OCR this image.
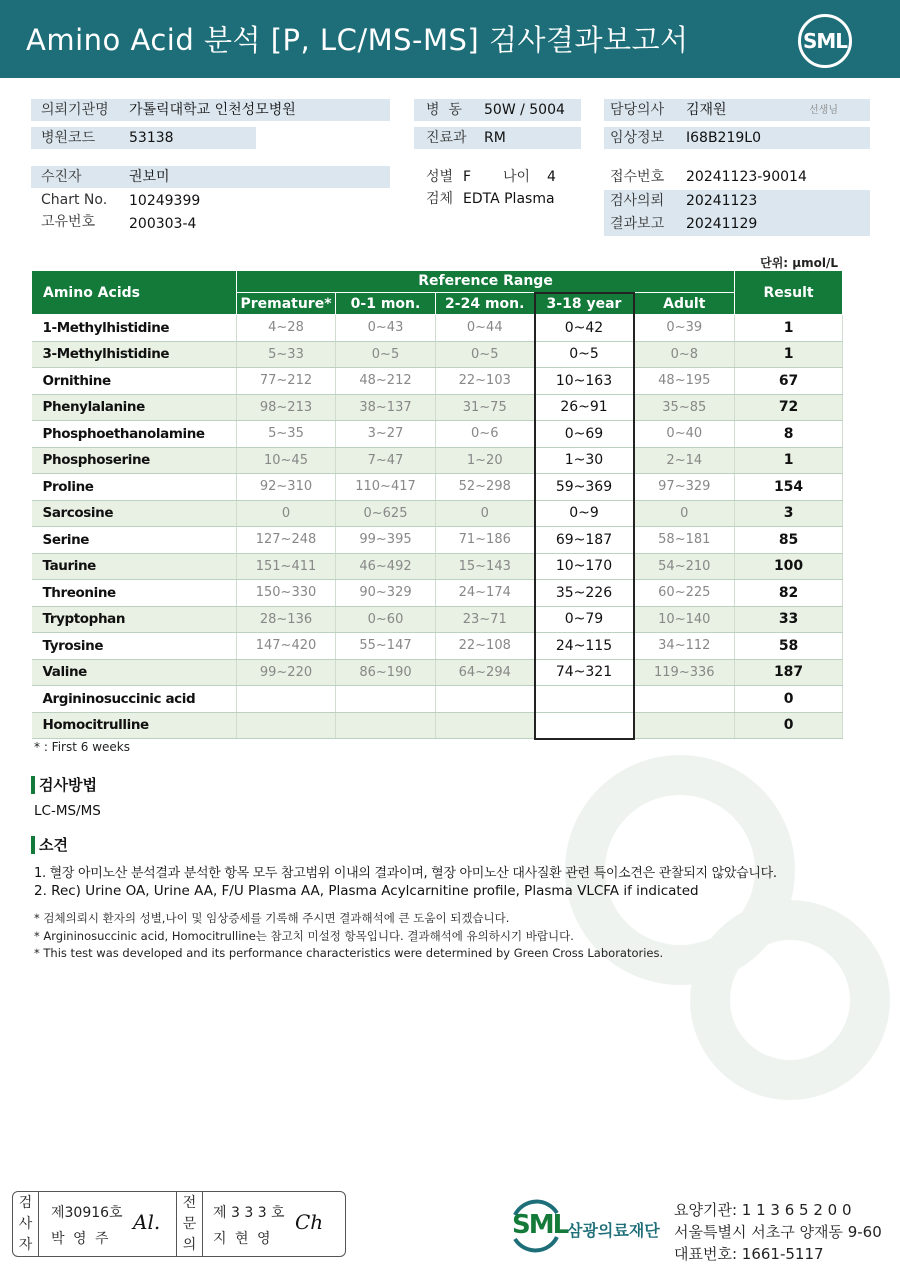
Amino Acid 분석 [P, LC/MS-MS] 검사결과보고서	SML
의뢰기관명 가톨릭대학교 인천성모병원
병원코드 53138
병  동 50W / 5004
진료과 RM
담당의사 김재원	선생님
임상정보 I68B219L0
수진자	권보미
Chart No. 10249399
고유번호 200303-4
성별 F 나이 4
검체 EDTA Plasma
접수번호 20241123-90014
검사의뢰 20241123
결과보고 20241129
단위: μmol/L
Amino Acids	Reference Range					Result
	Premature*	0-1 mon.	2-24 mon.	3-18 year	Adult	
1-Methylhistidine	4~28	0~43	0~44	0~42	0~39	1
3-Methylhistidine	5~33	0~5	0~5	0~5	0~8	1
Ornithine	77~212	48~212	22~103	10~163	48~195	67
Phenylalanine	98~213	38~137	31~75	26~91	35~85	72
Phosphoethanolamine	5~35	3~27	0~6	0~69	0~40	8
Phosphoserine	10~45	7~47	1~20	1~30	2~14	1
Proline	92~310	110~417	52~298	59~369	97~329	154
Sarcosine	0	0~625	0	0~9	0	3
Serine	127~248	99~395	71~186	69~187	58~181	85
Taurine	151~411	46~492	15~143	10~170	54~210	100
Threonine	150~330	90~329	24~174	35~226	60~225	82
Tryptophan	28~136	0~60	23~71	0~79	10~140	33
Tyrosine	147~420	55~147	22~108	24~115	34~112	58
Valine	99~220	86~190	64~294	74~321	119~336	187
Argininosuccinic acid						0
Homocitrulline						0
* : First 6 weeks
검사방법
LC-MS/MS
소견
1. 혈장 아미노산 분석결과 분석한 항목 모두 참고범위 이내의 결과이며, 혈장 아미노산 대사질환 관련 특이소견은 관찰되지 않았습니다.
2. Rec) Urine OA, Urine AA, F/U Plasma AA, Plasma Acylcarnitine profile, Plasma VLCFA if indicated
* 검체의뢰시 환자의 성별,나이 및 임상증세를 기록해 주시면 결과해석에 큰 도움이 되겠습니다.
* Argininosuccinic acid, Homocitrulline는 참고치 미설정 항목입니다. 결과해석에 유의하시기 바랍니다.
* This test was developed and its performance characteristics were determined by Green Cross Laboratories.
검
사
자
제30916호
박 영 주
Al.
전
문
의
제 3 3 3 호
지 현 영
Ch	SML 삼광의료재단
요양기관: 1 1 3 6 5 2 0 0
서울특별시 서초구 양재동 9-60
대표번호: 1661-5117
